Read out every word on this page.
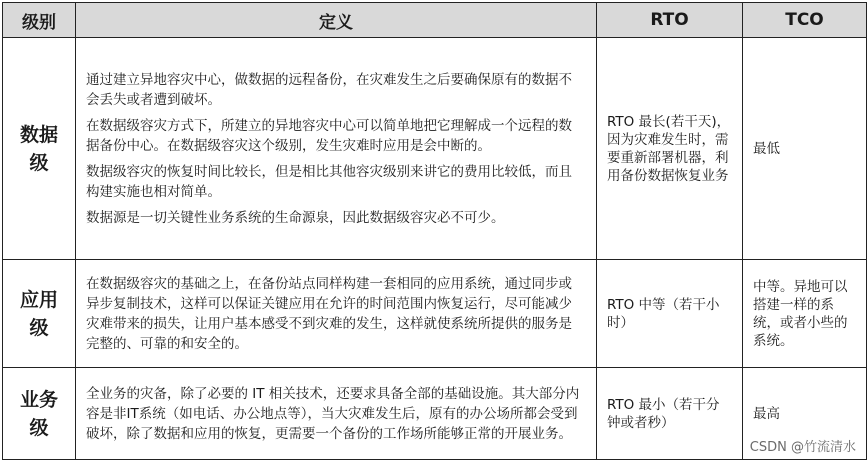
级别	定义	RTO	TCO

数据级	通过建立异地容灾中心，做数据的远程备份，在灾难发生之后要确保原有的数据不会丢失或者遭到破坏。

在数据级容灾方式下，所建立的异地容灾中心可以简单地把它理解成一个远程的数据备份中心。在数据级容灾这个级别，发生灾难时应用是会中断的。

数据级容灾的恢复时间比较长，但是相比其他容灾级别来讲它的费用比较低，而且构建实施也相对简单。

数据源是一切关键性业务系统的生命源泉，因此数据级容灾必不可少。	RTO 最长(若干天)，因为灾难发生时，需要重新部署机器，利用备份数据恢复业务	最低

应用级	在数据级容灾的基础之上，在备份站点同样构建一套相同的应用系统，通过同步或异步复制技术，这样可以保证关键应用在允许的时间范围内恢复运行，尽可能减少灾难带来的损失，让用户基本感受不到灾难的发生，这样就使系统所提供的服务是完整的、可靠的和安全的。	RTO 中等（若干小时）	中等。异地可以搭建一样的系统，或者小些的系统。

业务级	全业务的灾备，除了必要的 IT 相关技术，还要求具备全部的基础设施。其大部分内容是非IT系统（如电话、办公地点等），当大灾难发生后，原有的办公场所都会受到破坏，除了数据和应用的恢复，更需要一个备份的工作场所能够正常的开展业务。	RTO 最小（若干分钟或者秒）	最高
CSDN @竹流清水
